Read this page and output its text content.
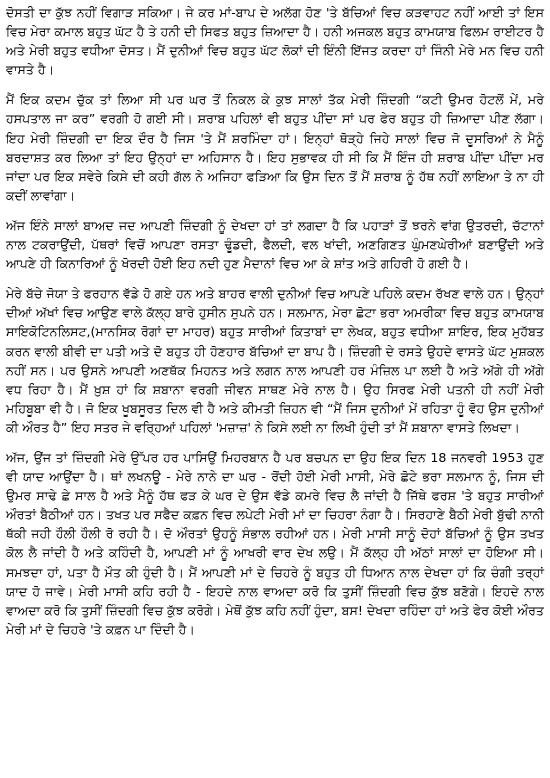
ਦੋਸਤੀ ਦਾ ਕੁੱਝ ਨਹੀਂ ਵਿਗਾੜ ਸਕਿਆ। ਜੇ ਕਰ ਮਾਂ-ਬਾਪ ਦੇ ਅਲੱਗ ਹੋਣ 'ਤੇ ਬੱਚਿਆਂ ਵਿਚ ਕੜਵਾਹਟ ਨਹੀਂ ਆਈ ਤਾਂ ਇਸ ਵਿਚ ਮੇਰਾ ਕਮਾਲ ਬਹੁਤ ਘੱਟ ਹੈ ਤੇ ਹਨੀ ਦੀ ਸਿਫਤ ਬਹੁਤ ਜ਼ਿਆਦਾ ਹੈ। ਹਨੀ ਅਜਕਲ ਬਹੁਤ ਕਾਮਯਾਬ ਫਿਲਮ ਰਾਈਟਰ ਹੈ ਅਤੇ ਮੇਰੀ ਬਹੁਤ ਵਧੀਆ ਦੋਸਤ। ਮੈਂ ਦੁਨੀਆਂ ਵਿਚ ਬਹੁਤ ਘੱਟ ਲੋਕਾਂ ਦੀ ਇੰਨੀ ਇੱਜਤ ਕਰਦਾ ਹਾਂ ਜਿੰਨੀ ਮੇਰੇ ਮਨ ਵਿਚ ਹਨੀ ਵਾਸਤੇ ਹੈ।

ਮੈਂ ਇਕ ਕਦਮ ਚੁੱਕ ਤਾਂ ਲਿਆ ਸੀ ਪਰ ਘਰ ਤੋਂ ਨਿਕਲ ਕੇ ਕੁਝ ਸਾਲਾਂ ਤੱਕ ਮੇਰੀ ਜ਼ਿੰਦਗੀ “ਕਟੀ ਉਮਰ ਹੋਟਲੋਂ ਮੇਂ, ਮਰੇ ਹਸਪਤਾਲ ਜਾ ਕਰ” ਵਰਗੀ ਹੋ ਗਈ ਸੀ। ਸ਼ਰਾਬ ਪਹਿਲਾਂ ਵੀ ਬਹੁਤ ਪੀਂਦਾ ਸਾਂ ਪਰ ਫੇਰ ਬਹੁਤ ਹੀ ਜ਼ਿਆਦਾ ਪੀਣ ਲੱਗਾ। ਇਹ ਮੇਰੀ ਜ਼ਿੰਦਗੀ ਦਾ ਇਕ ਦੌਰ ਹੈ ਜਿਸ 'ਤੇ ਮੈਂ ਸ਼ਰਮਿੰਦਾ ਹਾਂ। ਇਨ੍ਹਾਂ ਥੋੜ੍ਹੇ ਜਿਹੇ ਸਾਲਾਂ ਵਿਚ ਜੋ ਦੂਸਰਿਆਂ ਨੇ ਮੈਨੂੰ ਬਰਦਾਸ਼ਤ ਕਰ ਲਿਆ ਤਾਂ ਇਹ ਉਨ੍ਹਾਂ ਦਾ ਅਹਿਸਾਨ ਹੈ। ਇਹ ਸੁਭਾਵਕ ਹੀ ਸੀ ਕਿ ਮੈਂ ਇੰਜ ਹੀ ਸ਼ਰਾਬ ਪੀਂਦਾ ਪੀਂਦਾ ਮਰ ਜਾਂਦਾ ਪਰ ਇਕ ਸਵੇਰੇ ਕਿਸੇ ਦੀ ਕਹੀ ਗੱਲ ਨੇ ਅਜਿਹਾ ਫੜਿਆ ਕਿ ਉਸ ਦਿਨ ਤੋਂ ਮੈਂ ਸ਼ਰਾਬ ਨੂੰ ਹੱਥ ਨਹੀਂ ਲਾਇਆ ਤੇ ਨਾ ਹੀ ਕਦੀਂ ਲਾਵਾਂਗਾ।

ਅੱਜ ਇੰਨੇ ਸਾਲਾਂ ਬਾਅਦ ਜਦ ਆਪਣੀ ਜ਼ਿੰਦਗੀ ਨੂੰ ਦੇਖਦਾ ਹਾਂ ਤਾਂ ਲਗਦਾ ਹੈ ਕਿ ਪਹਾੜਾਂ ਤੋਂ ਝਰਨੇ ਵਾਂਗ ਉਤਰਦੀ, ਚੱਟਾਨਾਂ ਨਾਲ ਟਕਰਾਉਂਦੀ, ਪੱਥਰਾਂ ਵਿਚੋਂ ਆਪਣਾ ਰਸਤਾ ਢੂੰਡਦੀ, ਫੈਲਦੀ, ਵਲ ਖਾਂਦੀ, ਅਣਗਿਣਤ ਘੁੰਮਣਘੇਰੀਆਂ ਬਣਾਉਂਦੀ ਅਤੇ ਆਪਣੇ ਹੀ ਕਿਨਾਰਿਆਂ ਨੂੰ ਖੋਰਦੀ ਹੋਈ ਇਹ ਨਦੀ ਹੁਣ ਮੈਦਾਨਾਂ ਵਿਚ ਆ ਕੇ ਸ਼ਾਂਤ ਅਤੇ ਗਹਿਰੀ ਹੋ ਗਈ ਹੈ।

ਮੇਰੇ ਬੱਚੇ ਜੋਯਾ ਤੇ ਫਰਹਾਨ ਵੱਡੇ ਹੋ ਗਏ ਹਨ ਅਤੇ ਬਾਹਰ ਵਾਲੀ ਦੁਨੀਆਂ ਵਿਚ ਆਪਣੇ ਪਹਿਲੇ ਕਦਮ ਰੱਖਣ ਵਾਲੇ ਹਨ। ਉਨ੍ਹਾਂ ਦੀਆਂ ਅੱਖਾਂ ਵਿਚ ਆਉਣ ਵਾਲੇ ਕੱਲ੍ਹ ਬਾਰੇ ਹੁਸੀਨ ਸੁਪਨੇ ਹਨ। ਸਲਮਾਨ, ਮੇਰਾ ਛੋਟਾ ਭਰਾ ਅਮਰੀਕਾ ਵਿਚ ਬਹੁਤ ਕਾਮਯਾਬ ਸਾਇਕੋਟਿਨਲਿਸਟ,(ਮਾਨਸਿਕ ਰੋਗਾਂ ਦਾ ਮਾਹਰ) ਬਹੁਤ ਸਾਰੀਆਂ ਕਿਤਾਬਾਂ ਦਾ ਲੇਖਕ, ਬਹੁਤ ਵਧੀਆ ਸ਼ਾਇਰ, ਇਕ ਮੁਹੱਬਤ ਕਰਨ ਵਾਲੀ ਬੀਵੀ ਦਾ ਪਤੀ ਅਤੇ ਦੋ ਬਹੁਤ ਹੀ ਹੋਣਹਾਰ ਬੱਚਿਆਂ ਦਾ ਬਾਪ ਹੈ। ਜ਼ਿੰਦਗੀ ਦੇ ਰਸਤੇ ਉਹਦੇ ਵਾਸਤੇ ਘੱਟ ਮੁਸ਼ਕਲ ਨਹੀਂ ਸਨ। ਪਰ ਉਸਨੇ ਆਪਣੀ ਅਣਥੱਕ ਮਿਹਨਤ ਅਤੇ ਲਗਨ ਨਾਲ ਆਪਣੀ ਹਰ ਮੰਜ਼ਿਲ ਪਾ ਲਈ ਹੈ ਅਤੇ ਅੱਗੇ ਹੀ ਅੱਗੇ ਵਧ ਰਿਹਾ ਹੈ। ਮੈਂ ਖ਼ੁਸ਼ ਹਾਂ ਕਿ ਸ਼ਬਾਨਾ ਵਰਗੀ ਜੀਵਨ ਸਾਥਣ ਮੇਰੇ ਨਾਲ ਹੈ। ਉਹ ਸਿਰਫ ਮੇਰੀ ਪਤਨੀ ਹੀ ਨਹੀਂ ਮੇਰੀ ਮਹਿਬੂਬਾ ਵੀ ਹੈ। ਜੋ ਇਕ ਖੂਬਸੂਰਤ ਦਿਲ ਵੀ ਹੈ ਅਤੇ ਕੀਮਤੀ ਜ਼ਿਹਨ ਵੀ “ਮੈਂ ਜਿਸ ਦੁਨੀਆਂ ਮੇਂ ਰਹਿਤਾ ਹੂੰ ਵੋਹ ਉਸ ਦੁਨੀਆਂ ਕੀ ਔਰਤ ਹੈ” ਇਹ ਸਤਰ ਜੇ ਵਰ੍ਹਿਆਂ ਪਹਿਲਾਂ 'ਮਜ਼ਾਜ਼' ਨੇ ਕਿਸੇ ਲਈ ਨਾ ਲਿਖੀ ਹੁੰਦੀ ਤਾਂ ਮੈਂ ਸ਼ਬਾਨਾ ਵਾਸਤੇ ਲਿਖਦਾ।

ਅੱਜ, ਉਂਜ ਤਾਂ ਜ਼ਿੰਦਗੀ ਮੇਰੇ ਉੱਪਰ ਹਰ ਪਾਸਿਉਂ ਮਿਹਰਬਾਨ ਹੈ ਪਰ ਬਚਪਨ ਦਾ ਉਹ ਇਕ ਦਿਨ 18 ਜਨਵਰੀ 1953 ਹੁਣ ਵੀ ਯਾਦ ਆਉਂਦਾ ਹੈ। ਥਾਂ ਲਖਨਊ - ਮੇਰੇ ਨਾਨੇ ਦਾ ਘਰ - ਰੋਂਦੀ ਹੋਈ ਮੇਰੀ ਮਾਸੀ, ਮੇਰੇ ਛੋਟੇ ਭਰਾ ਸਲਮਾਨ ਨੂੰ, ਜਿਸ ਦੀ ਉਮਰ ਸਾਢੇ ਛੇ ਸਾਲ ਹੈ ਅਤੇ ਮੈਨੂੰ ਹੱਥ ਫੜ ਕੇ ਘਰ ਦੇ ਉਸ ਵੱਡੇ ਕਮਰੇ ਵਿਚ ਲੈ ਜਾਂਦੀ ਹੈ ਜਿੱਥੇ ਫਰਸ਼ 'ਤੇ ਬਹੁਤ ਸਾਰੀਆਂ ਔਰਤਾਂ ਬੈਠੀਆਂ ਹਨ। ਤਖਤ ਪਰ ਸਫੈਦ ਕਫ਼ਨ ਵਿਚ ਲਪੇਟੀ ਮੇਰੀ ਮਾਂ ਦਾ ਚਿਹਰਾ ਨੰਗਾ ਹੈ। ਸਿਰਹਾਣੇ ਬੈਠੀ ਮੇਰੀ ਬੁੱਢੀ ਨਾਨੀ ਥੱਕੀ ਜਹੀ ਹੌਲੀ ਹੌਲੀ ਰੋ ਰਹੀ ਹੈ। ਦੋ ਔਰਤਾਂ ਉਹਨੂੰ ਸੰਭਾਲ ਰਹੀਆਂ ਹਨ। ਮੇਰੀ ਮਾਸੀ ਸਾਨੂੰ ਦੋਹਾਂ ਬੱਚਿਆਂ ਨੂੰ ਉਸ ਤਖਤ ਕੋਲ ਲੈ ਜਾਂਦੀ ਹੈ ਅਤੇ ਕਹਿੰਦੀ ਹੈ, ਆਪਣੀ ਮਾਂ ਨੂੰ ਆਖਰੀ ਵਾਰ ਦੇਖ ਲਉ। ਮੈਂ ਕੱਲ੍ਹ ਹੀ ਅੱਠਾਂ ਸਾਲਾਂ ਦਾ ਹੋਇਆ ਸੀ। ਸਮਝਦਾ ਹਾਂ, ਪਤਾ ਹੈ ਮੌਤ ਕੀ ਹੁੰਦੀ ਹੈ। ਮੈਂ ਆਪਣੀ ਮਾਂ ਦੇ ਚਿਹਰੇ ਨੂੰ ਬਹੁਤ ਹੀ ਧਿਆਨ ਨਾਲ ਦੇਖਦਾ ਹਾਂ ਕਿ ਚੰਗੀ ਤਰ੍ਹਾਂ ਯਾਦ ਹੋ ਜਾਵੇ। ਮੇਰੀ ਮਾਸੀ ਕਹਿ ਰਹੀ ਹੈ - ਇਹਦੇ ਨਾਲ ਵਾਅਦਾ ਕਰੋ ਕਿ ਤੁਸੀਂ ਜ਼ਿੰਦਗੀ ਵਿਚ ਕੁੱਝ ਬਣੋਗੇ। ਇਹਦੇ ਨਾਲ ਵਾਅਦਾ ਕਰੋ ਕਿ ਤੁਸੀਂ ਜ਼ਿੰਦਗੀ ਵਿਚ ਕੁੱਝ ਕਰੋਗੇ। ਮੇਥੋਂ ਕੁੱਝ ਕਹਿ ਨਹੀਂ ਹੁੰਦਾ, ਬਸ! ਦੇਖਦਾ ਰਹਿੰਦਾ ਹਾਂ ਅਤੇ ਫੇਰ ਕੋਈ ਔਰਤ ਮੇਰੀ ਮਾਂ ਦੇ ਚਿਹਰੇ 'ਤੇ ਕਫ਼ਨ ਪਾ ਦਿੰਦੀ ਹੈ।
